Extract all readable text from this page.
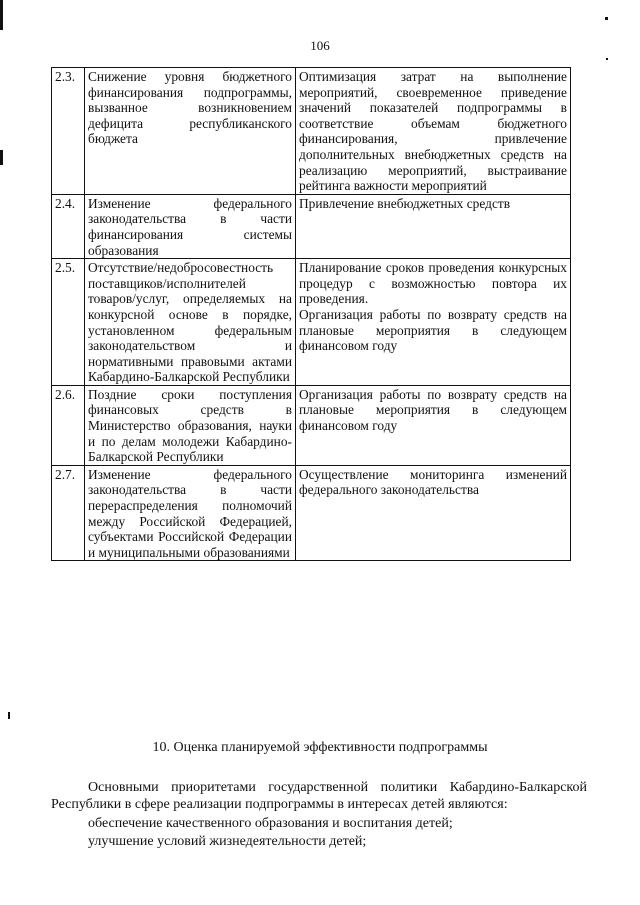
106
2.3.	Снижение уровня бюджетного финансирования подпрограммы, вызванное возникновением дефицита республиканского бюджета	Оптимизация затрат на выполнение мероприятий, своевременное приведение значений показателей подпрограммы в соответствие объемам бюджетного финансирования, привлечение дополнительных внебюджетных средств на реализацию мероприятий, выстраивание рейтинга важности мероприятий
2.4.	Изменение федерального законодательства в части финансирования системы образования	Привлечение внебюджетных средств
2.5.	Отсутствие/недобросовестность поставщиков/исполнителей товаров/услуг, определяемых на конкурсной основе в порядке, установленном федеральным законодательством и нормативными правовыми актами Кабардино-Балкарской Республики	Планирование сроков проведения конкурсных процедур с возможностью повтора их проведения.
Организация работы по возврату средств на плановые мероприятия в следующем финансовом году

2.6.	Поздние сроки поступления финансовых средств в Министерство образования, науки и по делам молодежи Кабардино-Балкарской Республики	Организация работы по возврату средств на плановые мероприятия в следующем финансовом году
2.7.	Изменение федерального законодательства в части перераспределения полномочий между Российской Федерацией, субъектами Российской Федерации и муниципальными образованиями	Осуществление мониторинга изменений федерального законодательства
10. Оценка планируемой эффективности подпрограммы

Основными приоритетами государственной политики Кабардино-Балкарской Республики в сфере реализации подпрограммы в интересах детей являются:

обеспечение качественного образования и воспитания детей;

улучшение условий жизнедеятельности детей;
